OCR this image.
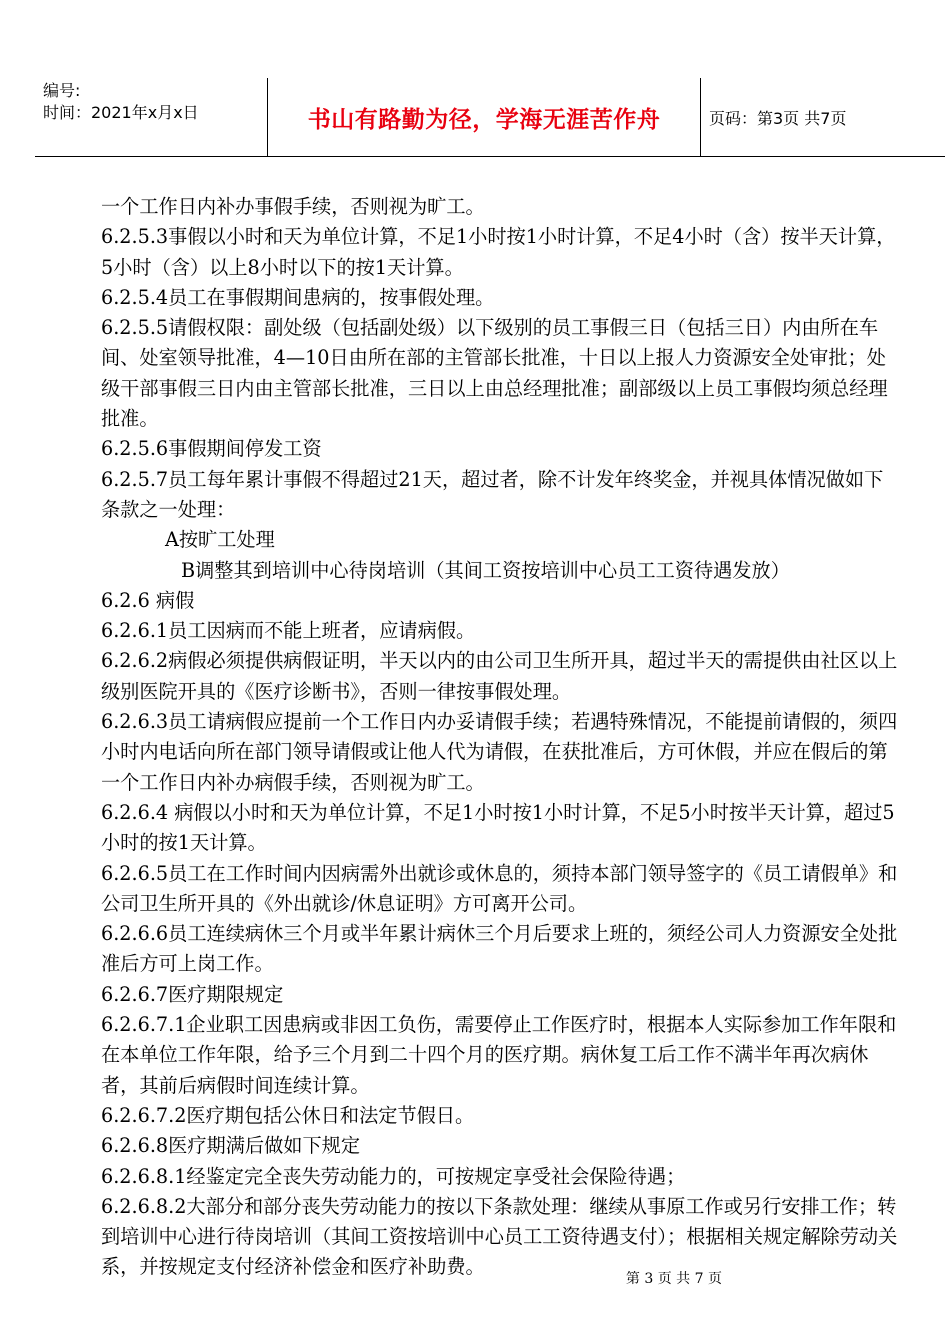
编号:
时间：2021年x月x日	书山有路勤为径，学海无涯苦作舟	页码：第3页 共7页

一个工作日内补办事假手续，否则视为旷工。

6.2.5.3事假以小时和天为单位计算，不足1小时按1小时计算，不足4小时（含）按半天计算，5小时（含）以上8小时以下的按1天计算。

6.2.5.4员工在事假期间患病的，按事假处理。

6.2.5.5请假权限：副处级（包括副处级）以下级别的员工事假三日（包括三日）内由所在车间、处室领导批准，4—10日由所在部的主管部长批准，十日以上报人力资源安全处审批；处级干部事假三日内由主管部长批准，三日以上由总经理批准；副部级以上员工事假均须总经理批准。

6.2.5.6事假期间停发工资

6.2.5.7员工每年累计事假不得超过21天，超过者，除不计发年终奖金，并视具体情况做如下条款之一处理：

A按旷工处理

B调整其到培训中心待岗培训（其间工资按培训中心员工工资待遇发放）

6.2.6 病假

6.2.6.1员工因病而不能上班者，应请病假。

6.2.6.2病假必须提供病假证明，半天以内的由公司卫生所开具，超过半天的需提供由社区以上级别医院开具的《医疗诊断书》，否则一律按事假处理。

6.2.6.3员工请病假应提前一个工作日内办妥请假手续；若遇特殊情况，不能提前请假的，须四小时内电话向所在部门领导请假或让他人代为请假，在获批准后，方可休假，并应在假后的第一个工作日内补办病假手续，否则视为旷工。

6.2.6.4 病假以小时和天为单位计算，不足1小时按1小时计算，不足5小时按半天计算，超过5小时的按1天计算。

6.2.6.5员工在工作时间内因病需外出就诊或休息的，须持本部门领导签字的《员工请假单》和公司卫生所开具的《外出就诊/休息证明》方可离开公司。

6.2.6.6员工连续病休三个月或半年累计病休三个月后要求上班的，须经公司人力资源安全处批准后方可上岗工作。

6.2.6.7医疗期限规定

6.2.6.7.1企业职工因患病或非因工负伤，需要停止工作医疗时，根据本人实际参加工作年限和在本单位工作年限，给予三个月到二十四个月的医疗期。病休复工后工作不满半年再次病休者，其前后病假时间连续计算。

6.2.6.7.2医疗期包括公休日和法定节假日。

6.2.6.8医疗期满后做如下规定

6.2.6.8.1经鉴定完全丧失劳动能力的，可按规定享受社会保险待遇；

6.2.6.8.2大部分和部分丧失劳动能力的按以下条款处理：继续从事原工作或另行安排工作；转到培训中心进行待岗培训（其间工资按培训中心员工工资待遇支付）；根据相关规定解除劳动关系，并按规定支付经济补偿金和医疗补助费。

第 3 页 共 7 页
